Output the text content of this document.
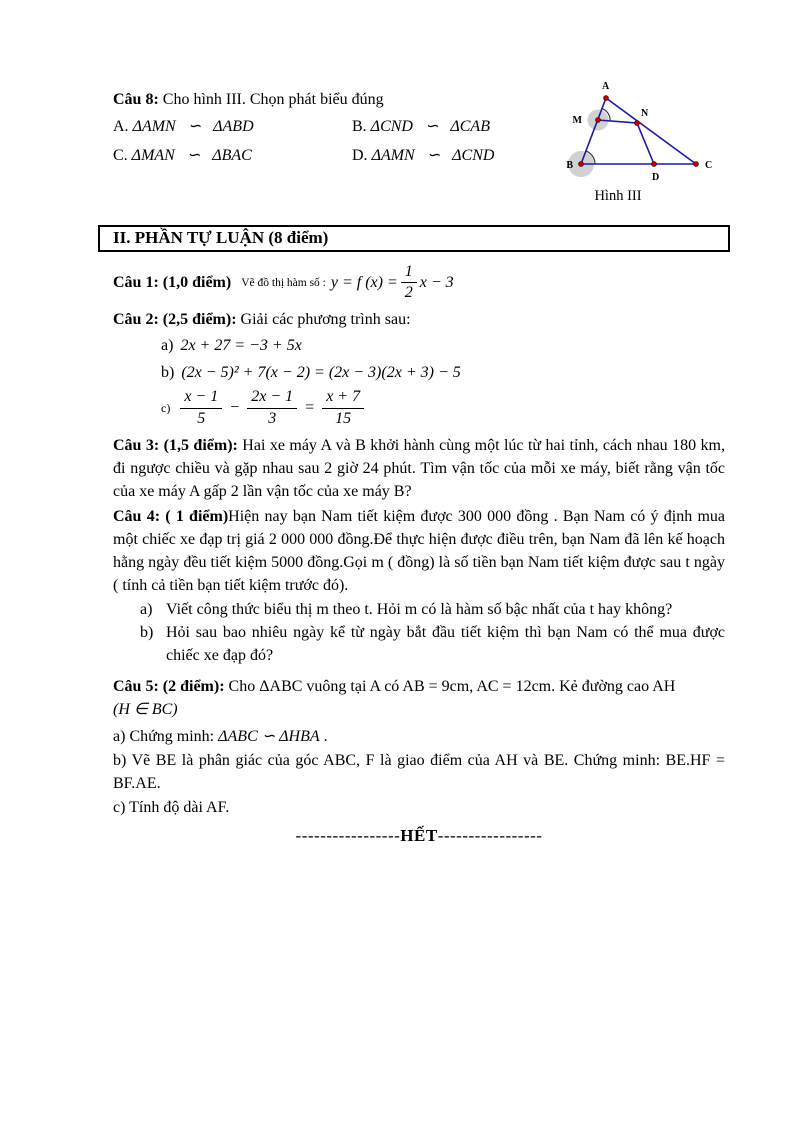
A
M
N
B
D
C
Hình III

Câu 8: Cho hình III. Chọn phát biểu đúng

A. ΔAMN  ∽  ΔABD	B. ΔCND  ∽  ΔCAB
C. ΔMAN  ∽  ΔBAC	D. ΔAMN  ∽  ΔCND
II. PHẦN TỰ LUẬN (8 điểm)
Câu 1: (1,0 điểm) Vẽ đồ thị hàm số : y = f $(x) = \frac{1}{2}$ x − 3

Câu 2: (2,5 điểm): Giải các phương trình sau:

a) 2x + 27 = −3 + 5x
b) (2x − 5)² + 7(x − 2) = (2x − 3)(2x + 3) − 5
$c) \frac{x - 1}{5} - \frac{2x - 1}{3} = \frac{x + 7}{15}$

Câu 3: (1,5 điểm): Hai xe máy A và B khởi hành cùng một lúc từ hai tỉnh, cách nhau 180 km, đi ngược chiều và gặp nhau sau 2 giờ 24 phút. Tìm vận tốc của mỗi xe máy, biết rằng vận tốc của xe máy A gấp 2 lần vận tốc của xe máy B?

Câu 4: ( 1 điểm)Hiện nay bạn Nam tiết kiệm được 300 000 đồng . Bạn Nam có ý định mua một chiếc xe đạp trị giá 2 000 000 đồng.Để thực hiện được điều trên, bạn Nam đã lên kế hoạch hằng ngày đều tiết kiệm 5000 đồng.Gọi m ( đồng) là số tiền bạn Nam tiết kiệm được sau t ngày ( tính cả tiền bạn tiết kiệm trước đó).

a) Viết công thức biểu thị m theo t. Hỏi m có là hàm số bậc nhất của t hay không?
b) Hỏi sau bao nhiêu ngày kể từ ngày bắt đầu tiết kiệm thì bạn Nam có thể mua được chiếc xe đạp đó?

Câu 5: (2 điểm): Cho ΔABC vuông tại A có AB = 9cm, AC = 12cm. Kẻ đường cao AH

(H ∈ BC)

a) Chứng minh: ΔABC ∽ ΔHBA .

b) Vẽ BE là phân giác của góc ABC, F là giao điểm của AH và BE. Chứng minh: BE.HF = BF.AE.

c) Tính độ dài AF.

-----------------HẾT-----------------
